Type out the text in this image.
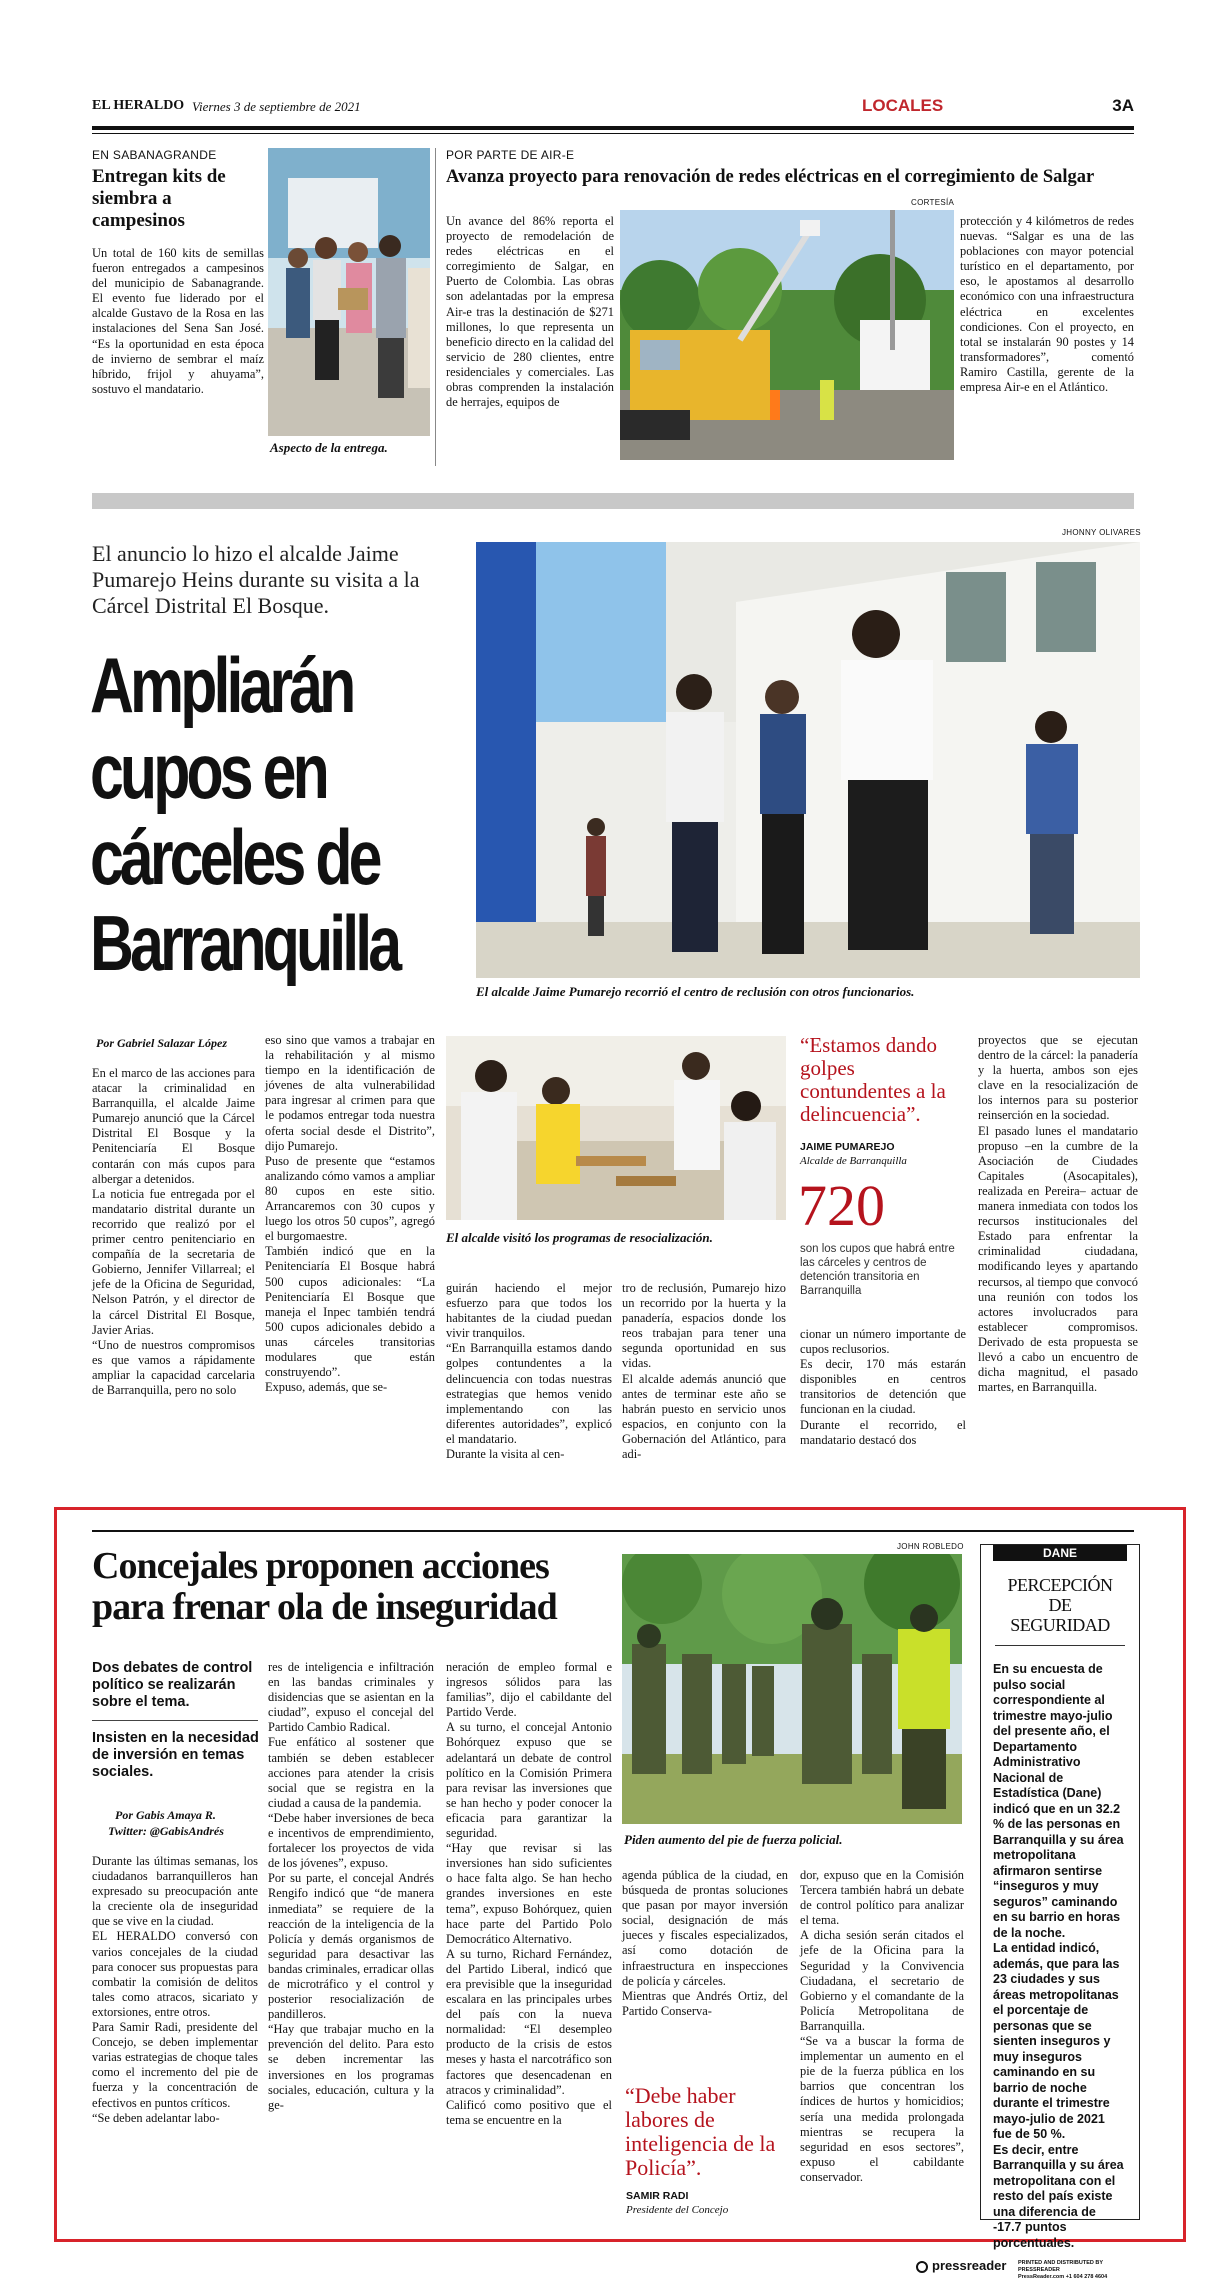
EL HERALDO Viernes 3 de septiembre de 2021	LOCALES	3A
EN SABANAGRANDE
Entregan kits de siembra a campesinos
Un total de 160 kits de semillas fueron entregados a campesinos del municipio de Sabanagrande. El evento fue liderado por el alcalde Gustavo de la Rosa en las instalaciones del Sena San José. “Es la oportunidad en esta época de invierno de sembrar el maíz híbrido, frijol y ahuyama”, sostuvo el mandatario.
Aspecto de la entrega.
POR PARTE DE AIR-E
Avanza proyecto para renovación de redes eléctricas en el corregimiento de Salgar
CORTESÍA
Un avance del 86% reporta el proyecto de remodelación de redes eléctricas en el corregimiento de Salgar, en Puerto de Colombia. Las obras son adelantadas por la empresa Air-e tras la destinación de $271 millones, lo que representa un beneficio directo en la calidad del servicio de 280 clientes, entre residenciales y comerciales. Las obras comprenden la instalación de herrajes, equipos de
protección y 4 kilómetros de redes nuevas. “Salgar es una de las poblaciones con mayor potencial turístico en el departamento, por eso, le apostamos al desarrollo económico con una infraestructura eléctrica en excelentes condiciones. Con el proyecto, en total se instalarán 90 postes y 14 transformadores”, comentó Ramiro Castilla, gerente de la empresa Air-e en el Atlántico.
JHONNY OLIVARES
El anuncio lo hizo el alcalde Jaime Pumarejo Heins durante su visita a la Cárcel Distrital El Bosque.
Ampliarán
cupos en
cárceles de
Barranquilla
El alcalde Jaime Pumarejo recorrió el centro de reclusión con otros funcionarios.
Por Gabriel Salazar López
En el marco de las acciones para atacar la criminalidad en Barranquilla, el alcalde Jaime Pumarejo anunció que la Cárcel Distrital El Bosque y la Penitenciaría El Bosque contarán con más cupos para albergar a detenidos.
La noticia fue entregada por el mandatario distrital durante un recorrido que realizó por el primer centro penitenciario en compañía de la secretaria de Gobierno, Jennifer Villarreal; el jefe de la Oficina de Seguridad, Nelson Patrón, y el director de la cárcel Distrital El Bosque, Javier Arias.
“Uno de nuestros compromisos es que vamos a rápidamente ampliar la capacidad carcelaria de Barranquilla, pero no solo
eso sino que vamos a trabajar en la rehabilitación y al mismo tiempo en la identificación de jóvenes de alta vulnerabilidad para ingresar al crimen para que le podamos entregar toda nuestra oferta social desde el Distrito”, dijo Pumarejo.
Puso de presente que “estamos analizando cómo vamos a ampliar 80 cupos en este sitio. Arrancaremos con 30 cupos y luego los otros 50 cupos”, agregó el burgomaestre.
También indicó que en la Penitenciaría El Bosque habrá 500 cupos adicionales: “La Penitenciaría El Bosque que maneja el Inpec también tendrá 500 cupos adicionales debido a unas cárceles transitorias modulares que están construyendo”.
Expuso, además, que se-
El alcalde visitó los programas de resocialización.
guirán haciendo el mejor esfuerzo para que todos los habitantes de la ciudad puedan vivir tranquilos.
“En Barranquilla estamos dando golpes contundentes a la delincuencia con todas nuestras estrategias que hemos venido implementando con las diferentes autoridades”, explicó el mandatario.
Durante la visita al cen-
tro de reclusión, Pumarejo hizo un recorrido por la huerta y la panadería, espacios donde los reos trabajan para tener una segunda oportunidad en sus vidas.
El alcalde además anunció que antes de terminar este año se habrán puesto en servicio unos espacios, en conjunto con la Gobernación del Atlántico, para adi-
“Estamos dando golpes contundentes a la delincuencia”.
JAIME PUMAREJO
Alcalde de Barranquilla
720
son los cupos que habrá entre las cárceles y centros de detención transitoria en Barranquilla
cionar un número importante de cupos reclusorios.
Es decir, 170 más estarán disponibles en centros transitorios de detención que funcionan en la ciudad.
Durante el recorrido, el mandatario destacó dos
proyectos que se ejecutan dentro de la cárcel: la panadería y la huerta, ambos son ejes clave en la resocialización de los internos para su posterior reinserción en la sociedad.
El pasado lunes el mandatario propuso –en la cumbre de la Asociación de Ciudades Capitales (Asocapitales), realizada en Pereira– actuar de manera inmediata con todos los recursos institucionales del Estado para enfrentar la criminalidad ciudadana, modificando leyes y apartando recursos, al tiempo que convocó una reunión con todos los actores involucrados para establecer compromisos. Derivado de esta propuesta se llevó a cabo un encuentro de dicha magnitud, el pasado martes, en Barranquilla.
JOHN ROBLEDO
Concejales proponen acciones para frenar ola de inseguridad
Dos debates de control político se realizarán sobre el tema.
Insisten en la necesidad de inversión en temas sociales.
Por Gabis Amaya R.
Twitter: @GabisAndrés
Durante las últimas semanas, los ciudadanos barranquilleros han expresado su preocupación ante la creciente ola de inseguridad que se vive en la ciudad.
EL HERALDO conversó con varios concejales de la ciudad para conocer sus propuestas para combatir la comisión de delitos tales como atracos, sicariato y extorsiones, entre otros.
Para Samir Radi, presidente del Concejo, se deben implementar varias estrategias de choque tales como el incremento del pie de fuerza y la concentración de efectivos en puntos críticos.
“Se deben adelantar labo-
res de inteligencia e infiltración en las bandas criminales y disidencias que se asientan en la ciudad”, expuso el concejal del Partido Cambio Radical.
Fue enfático al sostener que también se deben establecer acciones para atender la crisis social que se registra en la ciudad a causa de la pandemia.
“Debe haber inversiones de beca e incentivos de emprendimiento, fortalecer los proyectos de vida de los jóvenes”, expuso.
Por su parte, el concejal Andrés Rengifo indicó que “de manera inmediata” se requiere de la reacción de la inteligencia de la Policía y demás organismos de seguridad para desactivar las bandas criminales, erradicar ollas de microtráfico y el control y posterior resocialización de pandilleros.
“Hay que trabajar mucho en la prevención del delito. Para esto se deben incrementar las inversiones en los programas sociales, educación, cultura y la ge-
neración de empleo formal e ingresos sólidos para las familias”, dijo el cabildante del Partido Verde.
A su turno, el concejal Antonio Bohórquez expuso que se adelantará un debate de control político en la Comisión Primera para revisar las inversiones que se han hecho y poder conocer la eficacia para garantizar la seguridad.
“Hay que revisar si las inversiones han sido suficientes o hace falta algo. Se han hecho grandes inversiones en este tema”, expuso Bohórquez, quien hace parte del Partido Polo Democrático Alternativo.
A su turno, Richard Fernández, del Partido Liberal, indicó que era previsible que la inseguridad escalara en las principales urbes del país con la nueva normalidad: “El desempleo producto de la crisis de estos meses y hasta el narcotráfico son factores que desencadenan en atracos y criminalidad”.
Calificó como positivo que el tema se encuentre en la
Piden aumento del pie de fuerza policial.
agenda pública de la ciudad, en búsqueda de prontas soluciones que pasan por mayor inversión social, designación de más jueces y fiscales especializados, así como dotación de infraestructura en inspecciones de policía y cárceles.
Mientras que Andrés Ortiz, del Partido Conserva-
“Debe haber labores de inteligencia de la Policía”.
SAMIR RADI
Presidente del Concejo
dor, expuso que en la Comisión Tercera también habrá un debate de control político para analizar el tema.
A dicha sesión serán citados el jefe de la Oficina para la Seguridad y la Convivencia Ciudadana, el secretario de Gobierno y el comandante de la Policía Metropolitana de Barranquilla.
“Se va a buscar la forma de implementar un aumento en el pie de la fuerza pública en los barrios que concentran los índices de hurtos y homicidios; sería una medida prolongada mientras se recupera la seguridad en esos sectores”, expuso el cabildante conservador.
DANE
PERCEPCIÓN DE SEGURIDAD
En su encuesta de pulso social correspondiente al trimestre mayo-julio del presente año, el Departamento Administrativo Nacional de Estadística (Dane) indicó que en un 32.2 % de las personas en Barranquilla y su área metropolitana afirmaron sentirse “inseguros y muy seguros” caminando en su barrio en horas de la noche.
La entidad indicó, además, que para las 23 ciudades y sus áreas metropolitanas el porcentaje de personas que se sienten inseguros y muy inseguros caminando en su barrio de noche durante el trimestre mayo-julio de 2021 fue de 50 %.
Es decir, entre Barranquilla y su área metropolitana con el resto del país existe una diferencia de -17.7 puntos porcentuales.
pressreader PRINTED AND DISTRIBUTED BY PRESSREADER
PressReader.com +1 604 278 4604
